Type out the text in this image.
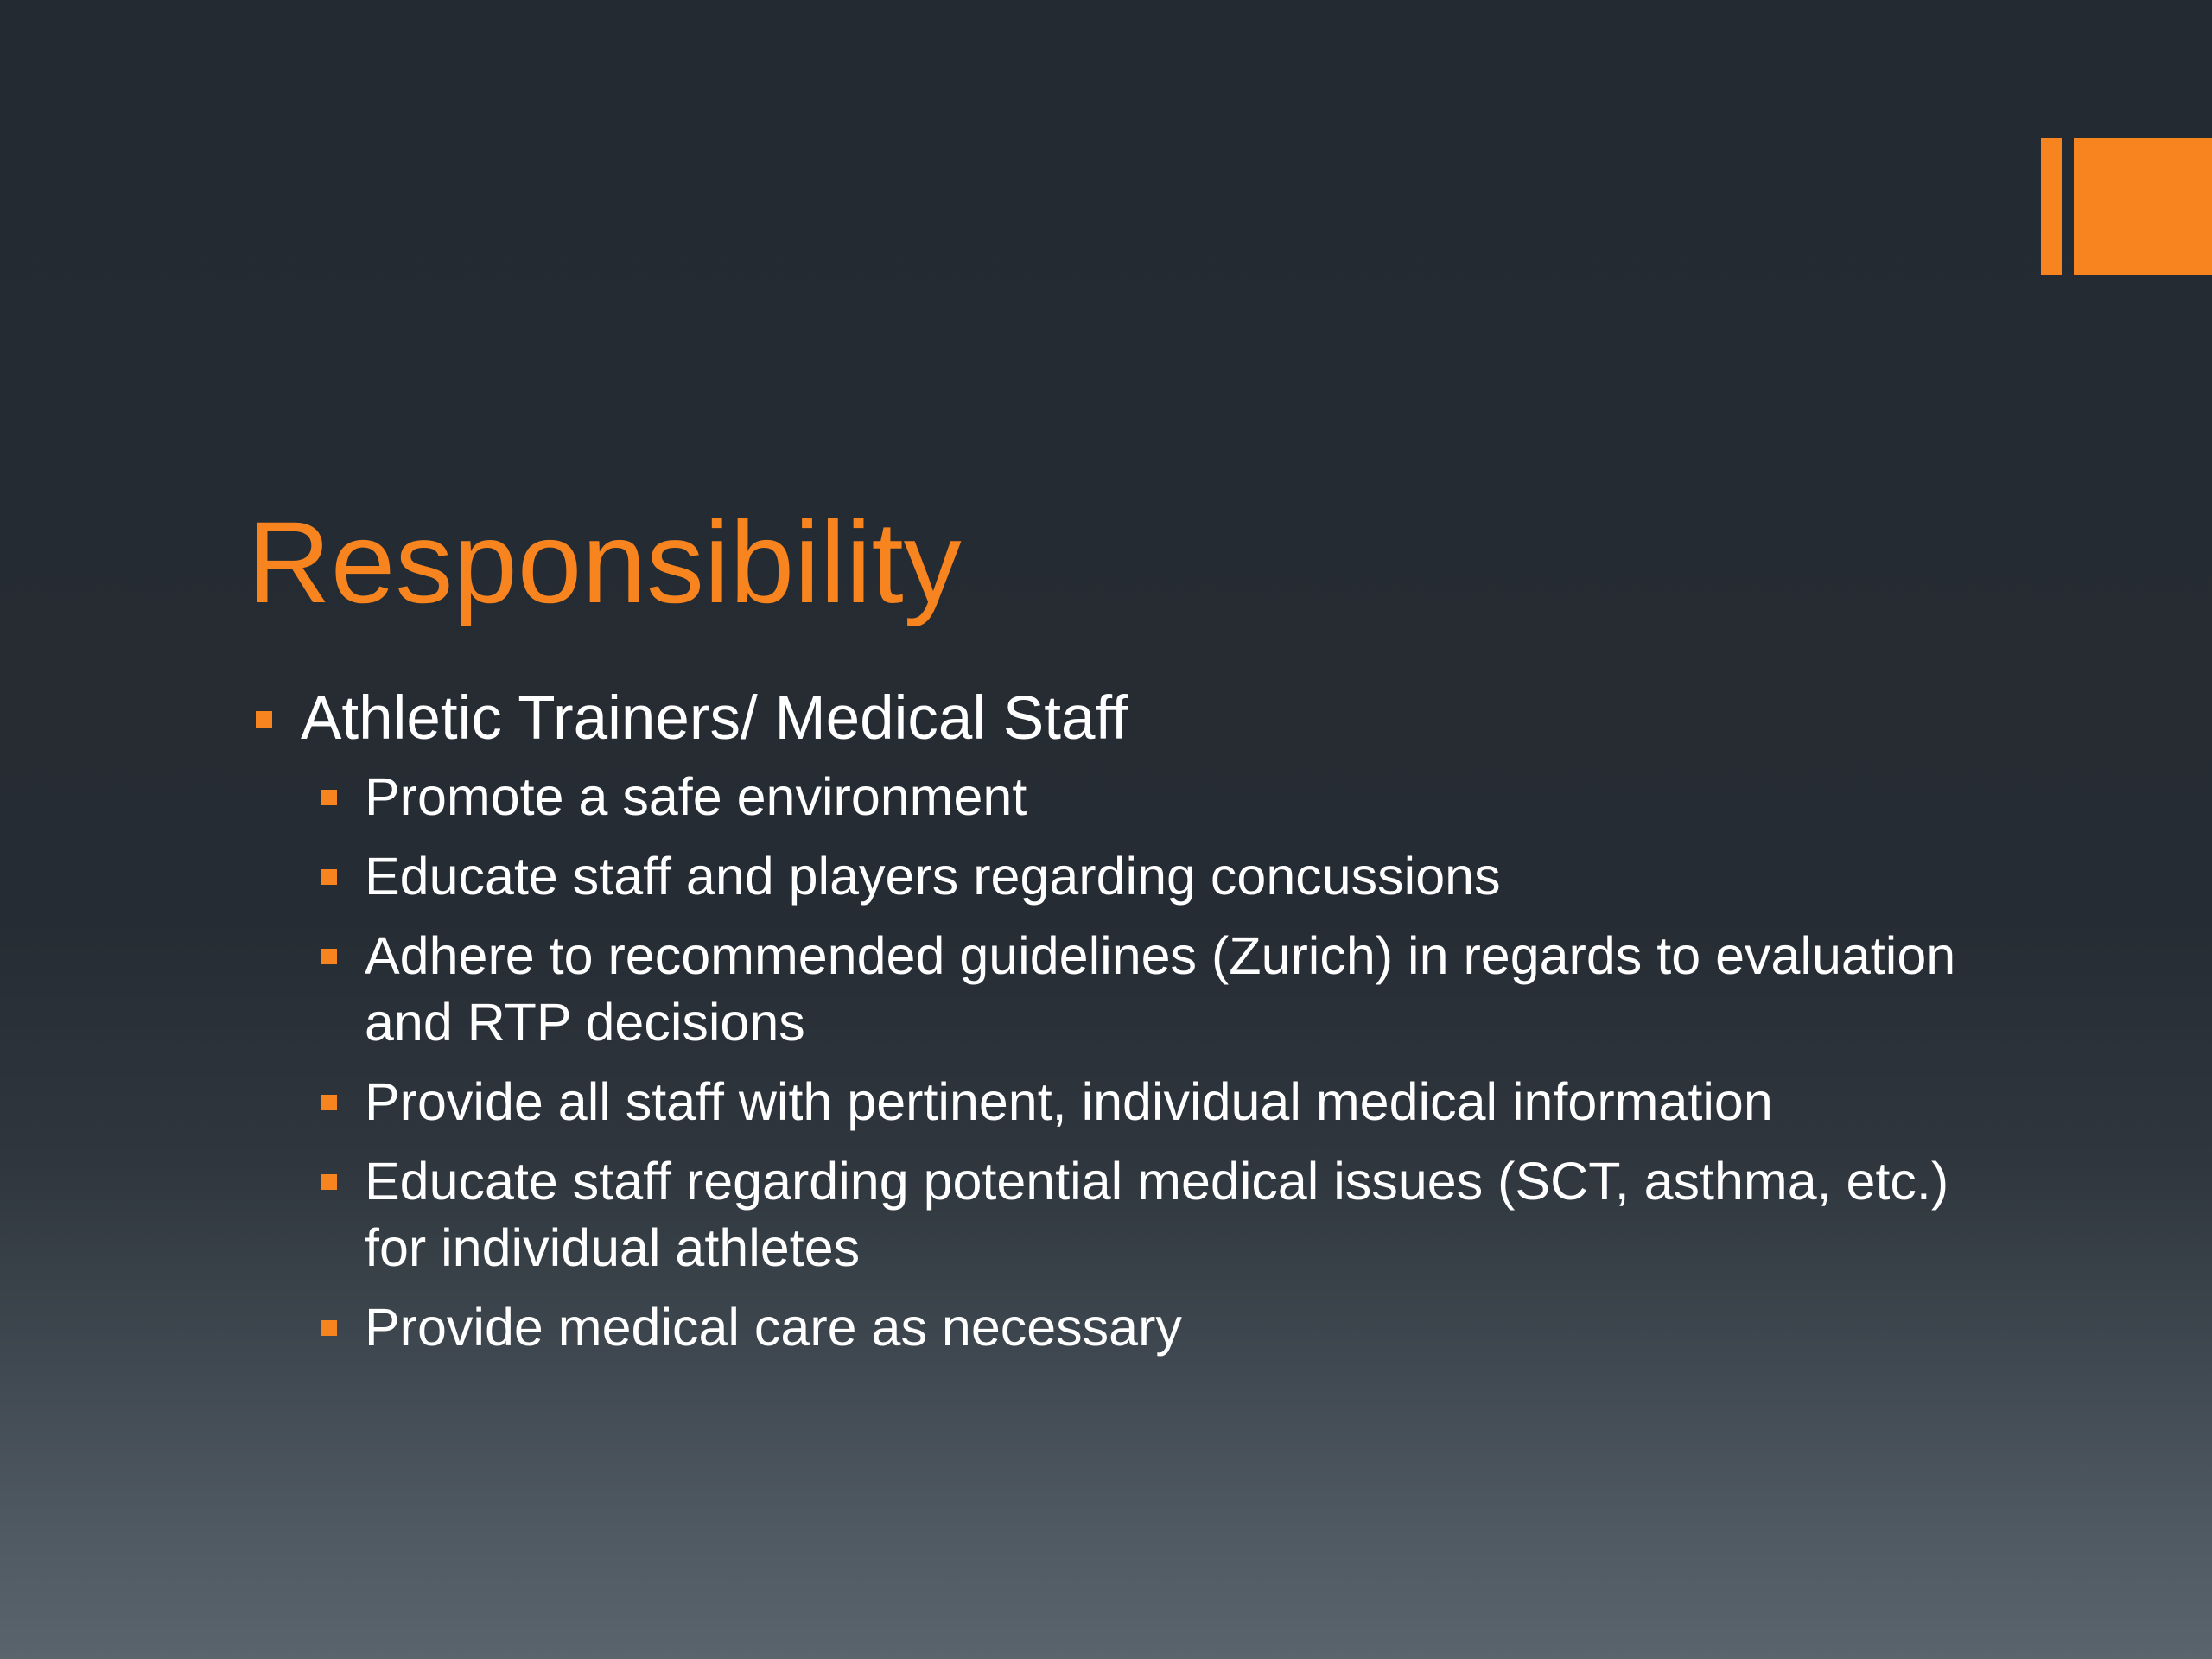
Responsibility
Athletic Trainers/ Medical Staff
Promote a safe environment
Educate staff and players regarding concussions
Adhere to recommended guidelines (Zurich) in regards to evaluation and RTP decisions
Provide all staff with pertinent, individual medical information
Educate staff regarding potential medical issues (SCT, asthma, etc.) for individual athletes
Provide medical care as necessary
